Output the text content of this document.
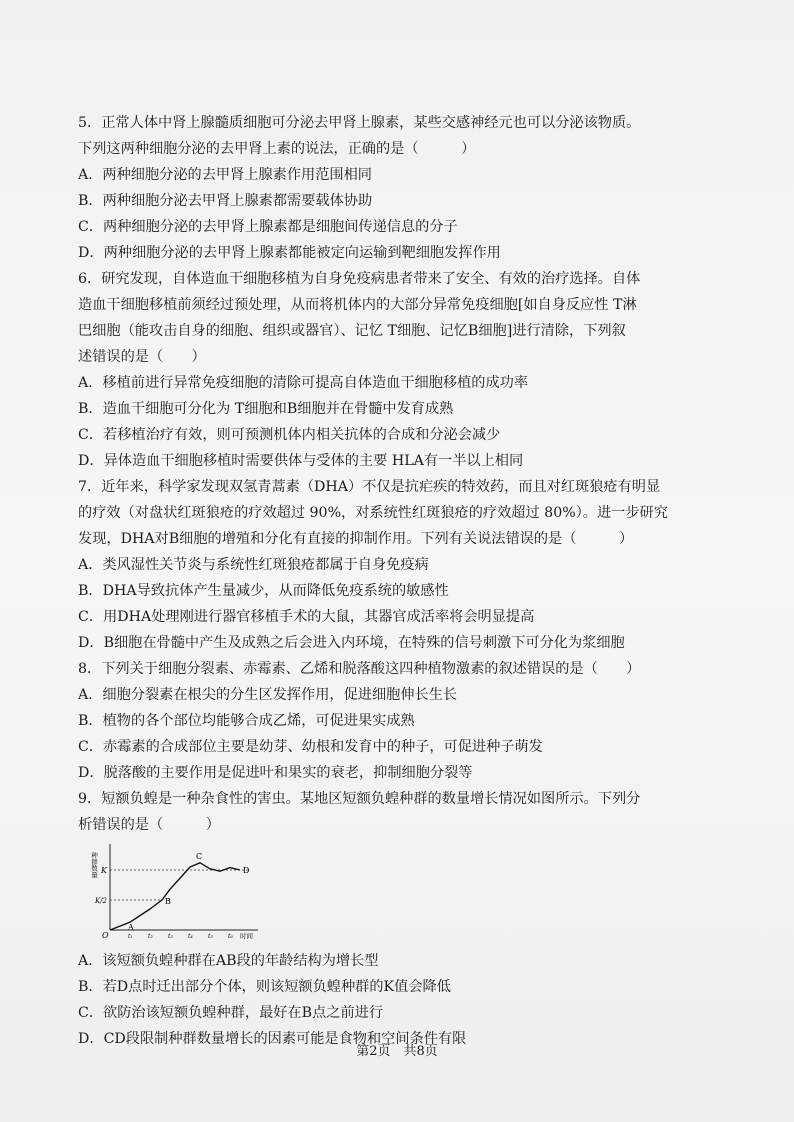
5．正常人体中肾上腺髓质细胞可分泌去甲肾上腺素，某些交感神经元也可以分泌该物质。
下列这两种细胞分泌的去甲肾上素的说法，正确的是（　　　）
A．两种细胞分泌的去甲肾上腺素作用范围相同
B．两种细胞分泌去甲肾上腺素都需要载体协助
C．两种细胞分泌的去甲肾上腺素都是细胞间传递信息的分子
D．两种细胞分泌的去甲肾上腺素都能被定向运输到靶细胞发挥作用
6．研究发现，自体造血干细胞移植为自身免疫病患者带来了安全、有效的治疗选择。自体
造血干细胞移植前须经过预处理，从而将机体内的大部分异常免疫细胞[如自身反应性 T淋
巴细胞（能攻击自身的细胞、组织或器官）、记忆 T细胞、记忆B细胞]进行清除，下列叙
述错误的是（　　）
A．移植前进行异常免疫细胞的清除可提高自体造血干细胞移植的成功率
B．造血干细胞可分化为 T细胞和B细胞并在骨髓中发育成熟
C．若移植治疗有效，则可预测机体内相关抗体的合成和分泌会减少
D．异体造血干细胞移植时需要供体与受体的主要 HLA有一半以上相同
7．近年来，科学家发现双氢青蒿素（DHA）不仅是抗疟疾的特效药，而且对红斑狼疮有明显
的疗效（对盘状红斑狼疮的疗效超过 90%，对系统性红斑狼疮的疗效超过 80%）。进一步研究
发现，DHA对B细胞的增殖和分化有直接的抑制作用。下列有关说法错误的是（　　　）
A．类风湿性关节炎与系统性红斑狼疮都属于自身免疫病
B．DHA导致抗体产生量减少，从而降低免疫系统的敏感性
C．用DHA处理刚进行器官移植手术的大鼠，其器官成活率将会明显提高
D．B细胞在骨髓中产生及成熟之后会进入内环境，在特殊的信号刺激下可分化为浆细胞
8．下列关于细胞分裂素、赤霉素、乙烯和脱落酸这四种植物激素的叙述错误的是（　　）
A．细胞分裂素在根尖的分生区发挥作用，促进细胞伸长生长
B．植物的各个部位均能够合成乙烯，可促进果实成熟
C．赤霉素的合成部位主要是幼芽、幼根和发育中的种子，可促进种子萌发
D．脱落酸的主要作用是促进叶和果实的衰老，抑制细胞分裂等
9．短额负蝗是一种杂食性的害虫。某地区短额负蝗种群的数量增长情况如图所示。下列分
析错误的是（　　　）
K
K/2
种群数量
O	t₁	t₂	t₃	t₄	t₅	t₆ 时间
A
B
C
D
A．该短额负蝗种群在AB段的年龄结构为增长型
B．若D点时迁出部分个体，则该短额负蝗种群的K值会降低
C．欲防治该短额负蝗种群，最好在B点之前进行
D．CD段限制种群数量增长的因素可能是食物和空间条件有限
第2页　共8页
